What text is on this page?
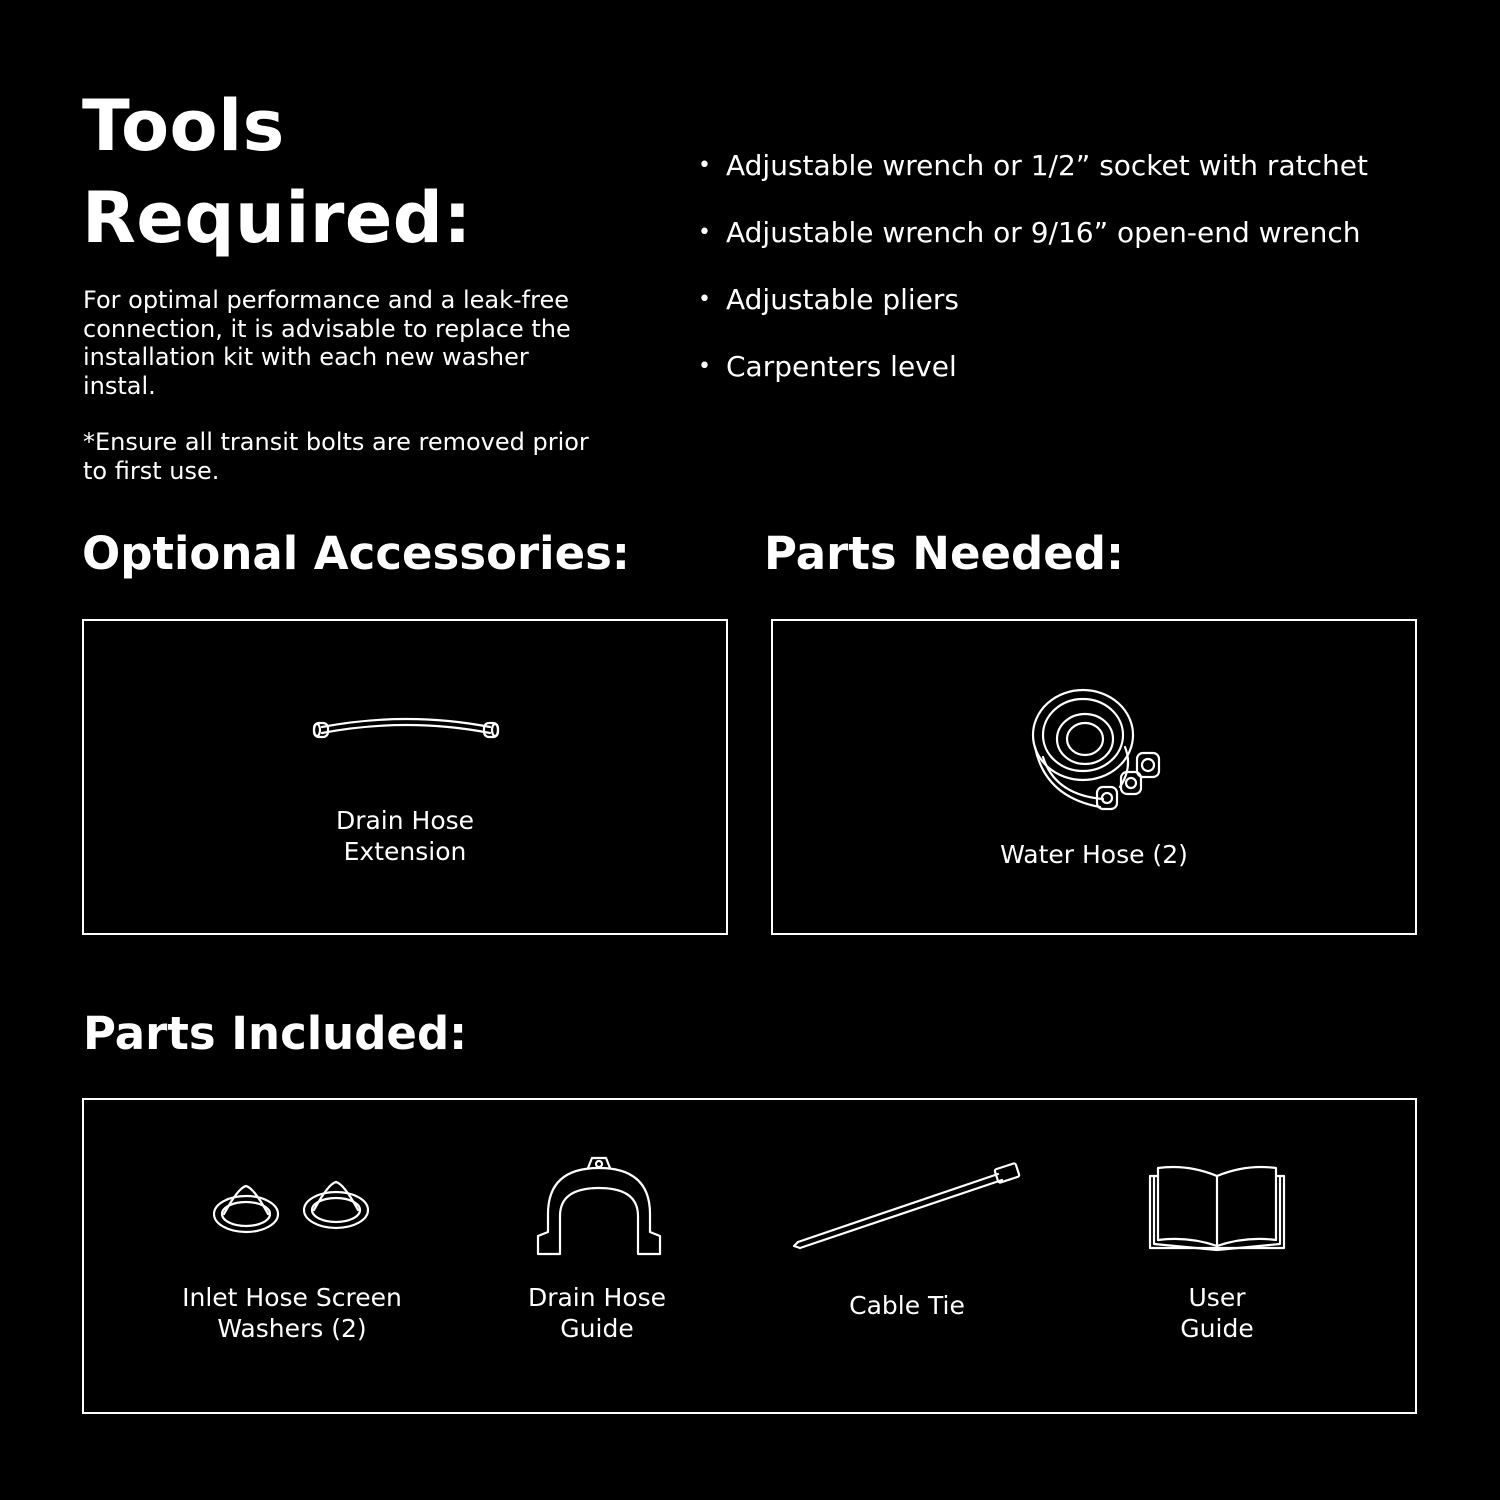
Tools
Required:

For optimal performance and a leak-free connection, it is advisable to replace the installation kit with each new washer instal.

*Ensure all transit bolts are removed prior to first use.

• Adjustable wrench or 1/2” socket with ratchet
• Adjustable wrench or 9/16” open-end wrench
• Adjustable pliers
• Carpenters level
Optional Accessories:	Parts Needed:
Parts Included:
Drain Hose
Extension	Water Hose (2)
Inlet Hose Screen
Washers (2)
Drain Hose
Guide
Cable Tie	User
Guide
